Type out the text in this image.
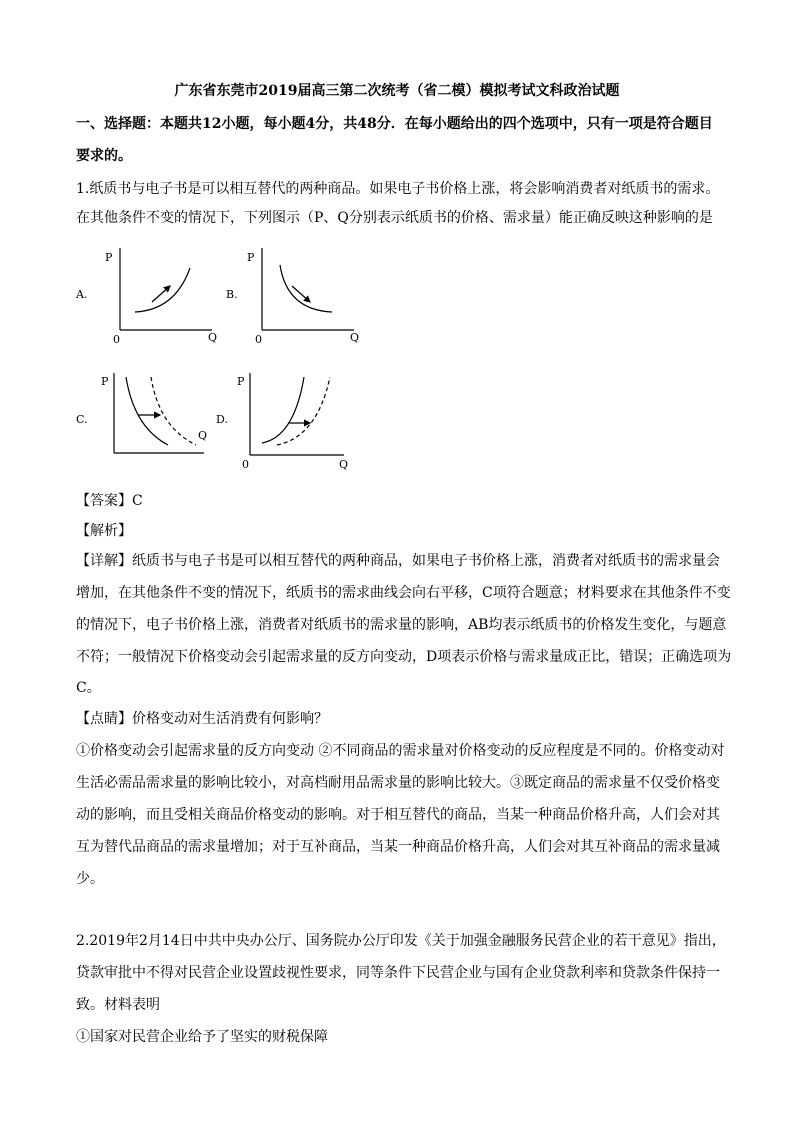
广东省东莞市2019届高三第二次统考（省二模）模拟考试文科政治试题
一、选择题：本题共12小题，每小题4分，共48分．在每小题给出的四个选项中，只有一项是符合题目
要求的。
1.纸质书与电子书是可以相互替代的两种商品。如果电子书价格上涨，将会影响消费者对纸质书的需求。
在其他条件不变的情况下，下列图示（P、Q分别表示纸质书的价格、需求量）能正确反映这种影响的是
A.
P
0	Q
B.
P
0	Q
C.
P
Q
D.
P
0	Q
【答案】C
【解析】
【详解】纸质书与电子书是可以相互替代的两种商品，如果电子书价格上涨，消费者对纸质书的需求量会
增加，在其他条件不变的情况下，纸质书的需求曲线会向右平移，C项符合题意；材料要求在其他条件不变
的情况下，电子书价格上涨，消费者对纸质书的需求量的影响，AB均表示纸质书的价格发生变化，与题意
不符；一般情况下价格变动会引起需求量的反方向变动，D项表示价格与需求量成正比，错误；正确选项为
C。
【点睛】价格变动对生活消费有何影响？
①价格变动会引起需求量的反方向变动 ②不同商品的需求量对价格变动的反应程度是不同的。价格变动对
生活必需品需求量的影响比较小，对高档耐用品需求量的影响比较大。③既定商品的需求量不仅受价格变
动的影响，而且受相关商品价格变动的影响。对于相互替代的商品，当某一种商品价格升高，人们会对其
互为替代品商品的需求量增加；对于互补商品，当某一种商品价格升高，人们会对其互补商品的需求量减
少。
2.2019年2月14日中共中央办公厅、国务院办公厅印发《关于加强金融服务民营企业的若干意见》指出，
贷款审批中不得对民营企业设置歧视性要求，同等条件下民营企业与国有企业贷款利率和贷款条件保持一
致。材料表明
①国家对民营企业给予了坚实的财税保障
